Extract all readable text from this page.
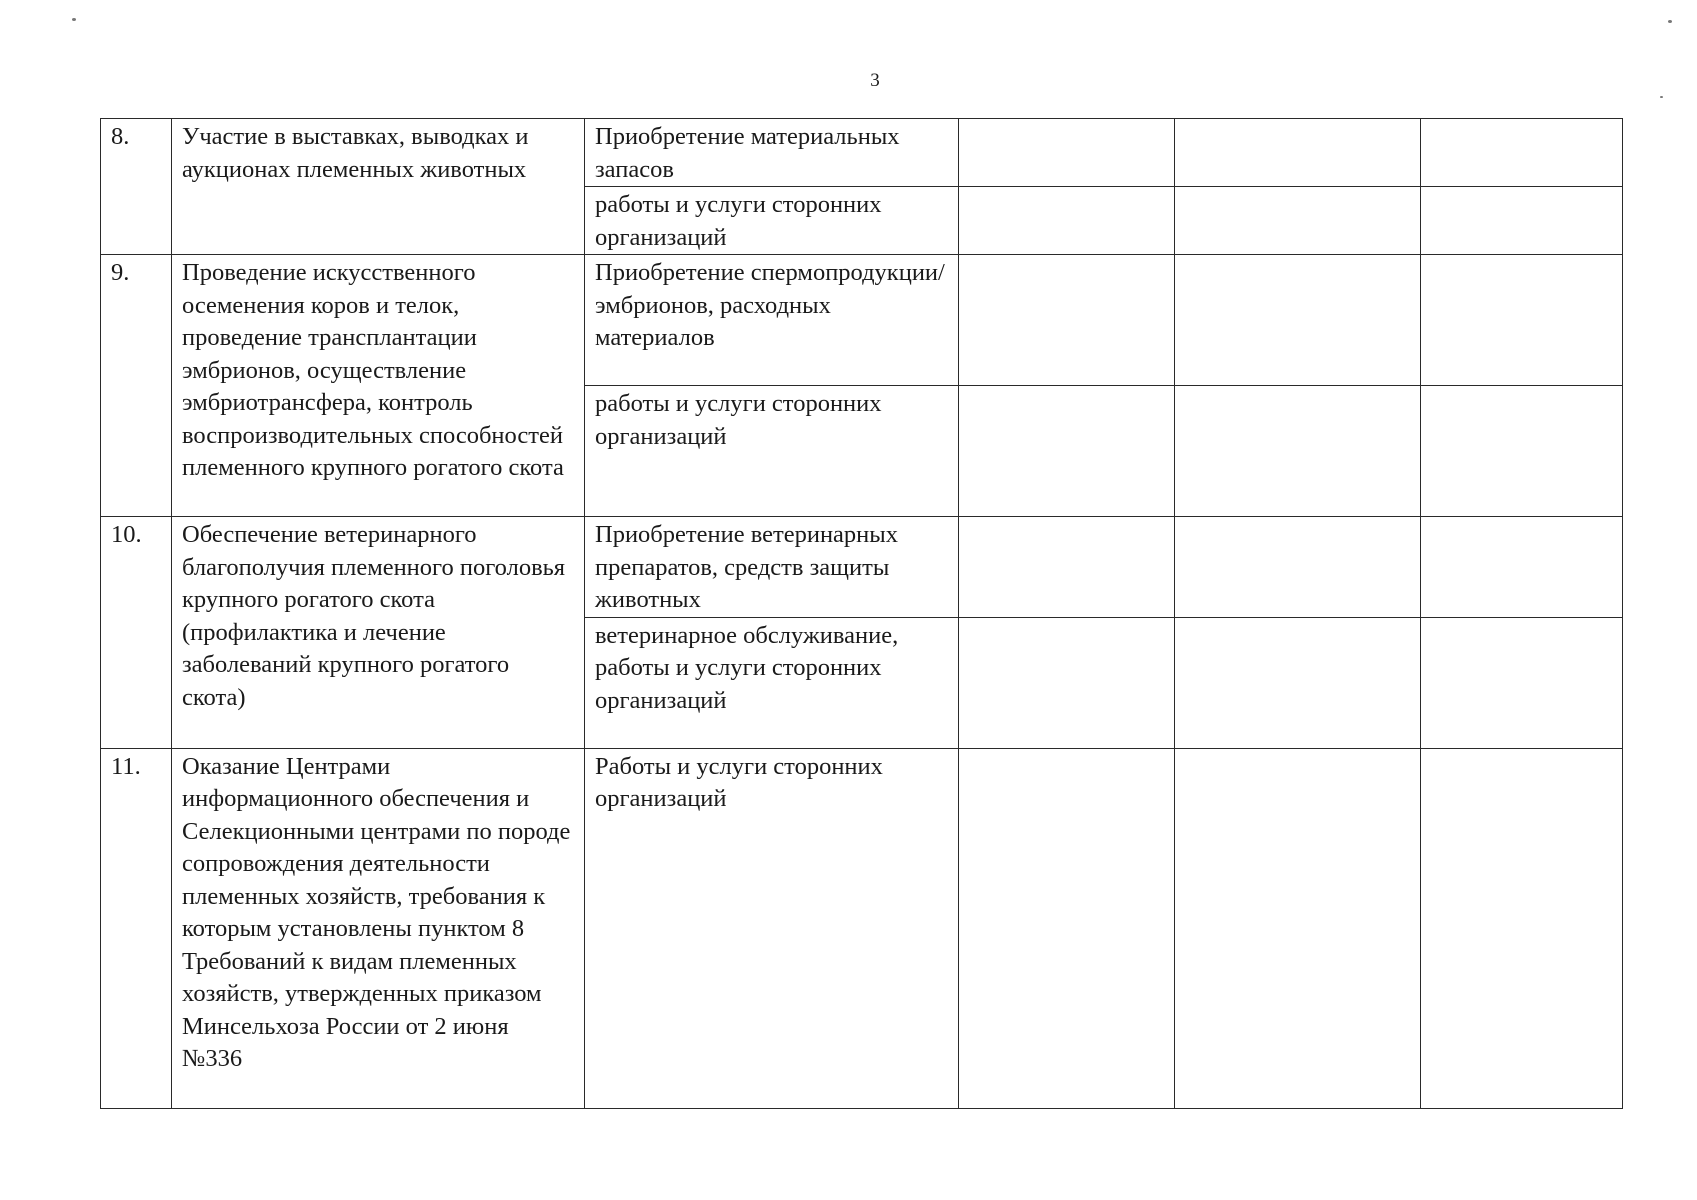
3
8.	Участие в выставках, выводках и аукционах племенных животных	Приобретение материальных запасов			
		работы и услуги сторонних организаций			
9.	Проведение искусственного осеменения коров и телок, проведение трансплантации эмбрионов, осуществление эмбриотрансфера, контроль воспроизводительных способностей племенного крупного рогатого скота	Приобретение спермопродукции/ эмбрионов, расходных материалов			
		работы и услуги сторонних организаций			
10.	Обеспечение ветеринарного благополучия племенного поголовья крупного рогатого скота (профилактика и лечение заболеваний крупного рогатого скота)	Приобретение ветеринарных препаратов, средств защиты животных			
		ветеринарное обслуживание, работы и услуги сторонних организаций			
11.	Оказание Центрами информационного обеспечения и Селекционными центрами по породе сопровождения деятельности племенных хозяйств, требования к которым установлены пунктом 8 Требований к видам племенных хозяйств, утвержденных приказом Минсельхоза России от 2 июня №336	Работы и услуги сторонних организаций			
